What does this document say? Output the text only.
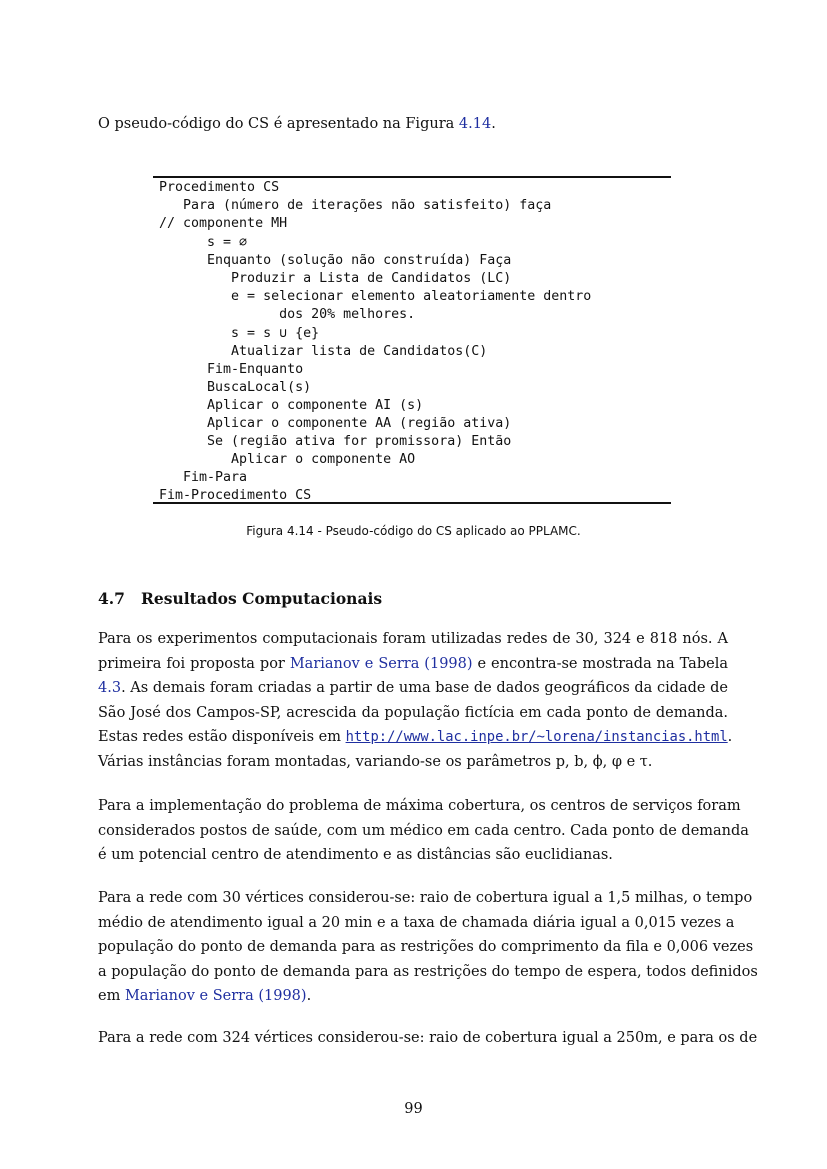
O pseudo-código do CS é apresentado na Figura 4.14.
Procedimento CS
Para (número de iterações não satisfeito) faça
// componente MH
s = ∅
Enquanto (solução não construída) Faça
Produzir a Lista de Candidatos (LC)
e = selecionar elemento aleatoriamente dentro
dos 20% melhores.
s = s ∪ {e}
Atualizar lista de Candidatos(C)
Fim-Enquanto
BuscaLocal(s)
Aplicar o componente AI (s)
Aplicar o componente AA (região ativa)
Se (região ativa for promissora) Então
Aplicar o componente AO
Fim-Para
Fim-Procedimento CS
Figura 4.14 - Pseudo-código do CS aplicado ao PPLAMC.
4.7 Resultados Computacionais
Para os experimentos computacionais foram utilizadas redes de 30, 324 e 818 nós. A
primeira foi proposta por Marianov e Serra (1998) e encontra-se mostrada na Tabela
4.3. As demais foram criadas a partir de uma base de dados geográficos da cidade de
São José dos Campos-SP, acrescida da população fictícia em cada ponto de demanda.
Estas redes estão disponíveis em http://www.lac.inpe.br/~lorena/instancias.html.
Várias instâncias foram montadas, variando-se os parâmetros p, b, ϕ, φ e τ.
Para a implementação do problema de máxima cobertura, os centros de serviços foram
considerados postos de saúde, com um médico em cada centro. Cada ponto de demanda
é um potencial centro de atendimento e as distâncias são euclidianas.
Para a rede com 30 vértices considerou-se: raio de cobertura igual a 1,5 milhas, o tempo
médio de atendimento igual a 20 min e a taxa de chamada diária igual a 0,015 vezes a
população do ponto de demanda para as restrições do comprimento da fila e 0,006 vezes
a população do ponto de demanda para as restrições do tempo de espera, todos definidos
em Marianov e Serra (1998).
Para a rede com 324 vértices considerou-se: raio de cobertura igual a 250m, e para os de
99
